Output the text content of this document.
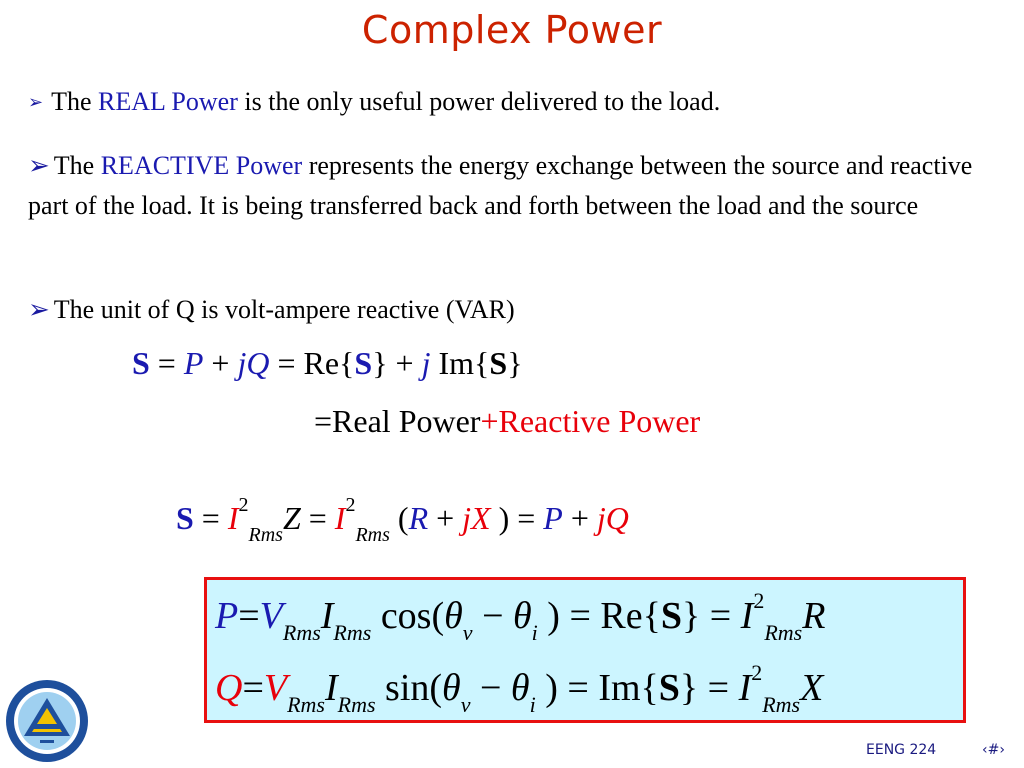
Complex Power
➢ The REAL Power is the only useful power delivered to the load.
➢ The REACTIVE Power represents the energy exchange between the source and reactive part of the load. It is being transferred back and forth between the load and the source
➢ The unit of Q is volt-ampere reactive (VAR)
S = P + jQ = Re{S} + j Im{S}
=Real Power+Reactive Power
$S = I^2_{Rms}Z = I^2_{Rms}$ (R + jX ) = P + jQ
$P=V_{Rms}I_{Rms}$ $\cos(\theta_v - \theta_i$ ) = $Re\{S\} = I^2_{Rms}R$
$Q=V_{Rms}I_{Rms}$ $\sin(\theta_v - \theta_i$ ) = $Im\{S\} = I^2_{Rms}X$
EENG 224	‹#›
